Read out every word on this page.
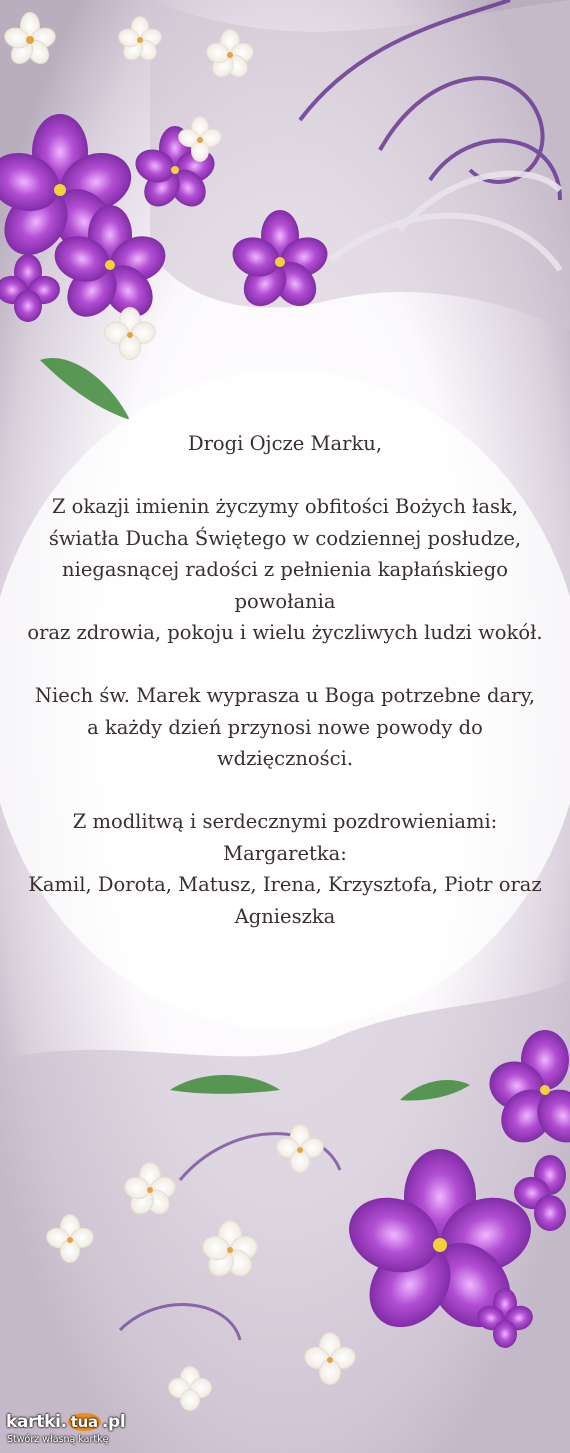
Drogi Ojcze Marku,
Z okazji imienin życzymy obfitości Bożych łask,
światła Ducha Świętego w codziennej posłudze,
niegasnącej radości z pełnienia kapłańskiego
powołania
oraz zdrowia, pokoju i wielu życzliwych ludzi wokół.
Niech św. Marek wyprasza u Boga potrzebne dary,
a każdy dzień przynosi nowe powody do
wdzięczności.
Z modlitwą i serdecznymi pozdrowieniami:
Margaretka:
Kamil, Dorota, Matusz, Irena, Krzysztofa, Piotr oraz
Agnieszka
kartki. tua .pl
Stwórz własną kartkę
